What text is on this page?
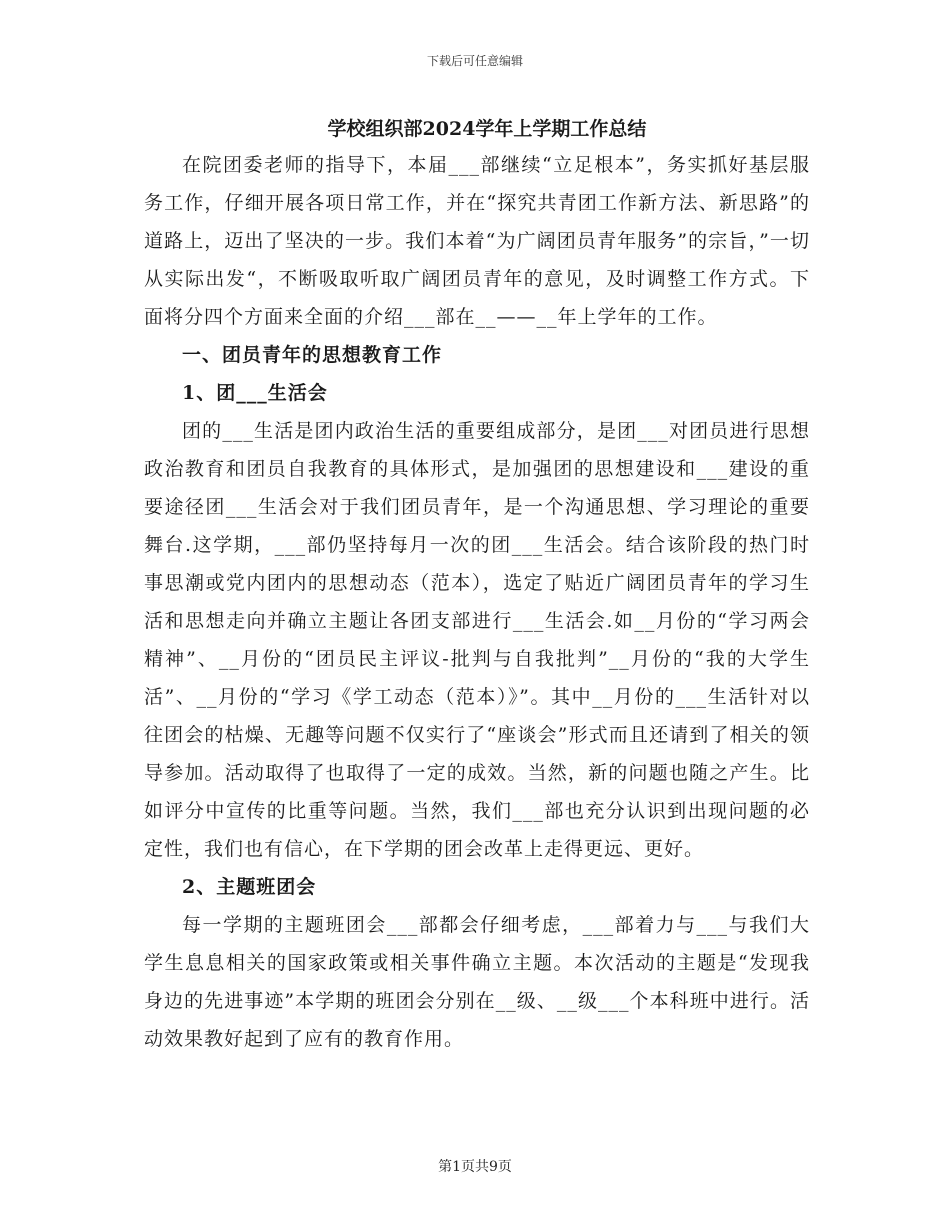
下载后可任意编辑
学校组织部2024学年上学期工作总结

在院团委老师的指导下，本届___部继续“立足根本”，务实抓好基层服务工作，仔细开展各项日常工作，并在“探究共青团工作新方法、新思路”的道路上，迈出了坚决的一步。我们本着“为广阔团员青年服务”的宗旨，”一切从实际出发“，不断吸取听取广阔团员青年的意见，及时调整工作方式。下面将分四个方面来全面的介绍___部在__——__年上学年的工作。

一、团员青年的思想教育工作

1、团___生活会

团的___生活是团内政治生活的重要组成部分，是团___对团员进行思想政治教育和团员自我教育的具体形式，是加强团的思想建设和___建设的重要途径团___生活会对于我们团员青年，是一个沟通思想、学习理论的重要舞台.这学期，___部仍坚持每月一次的团___生活会。结合该阶段的热门时事思潮或党内团内的思想动态（范本），选定了贴近广阔团员青年的学习生活和思想走向并确立主题让各团支部进行___生活会.如__月份的“学习两会精神”、__月份的“团员民主评议-批判与自我批判”__月份的“我的大学生活”、__月份的“学习《学工动态（范本）》”。其中__月份的___生活针对以往团会的枯燥、无趣等问题不仅实行了“座谈会”形式而且还请到了相关的领导参加。活动取得了也取得了一定的成效。当然，新的问题也随之产生。比如评分中宣传的比重等问题。当然，我们___部也充分认识到出现问题的必定性，我们也有信心，在下学期的团会改革上走得更远、更好。

2、主题班团会

每一学期的主题班团会___部都会仔细考虑，___部着力与___与我们大学生息息相关的国家政策或相关事件确立主题。本次活动的主题是“发现我身边的先进事迹”本学期的班团会分别在__级、__级___个本科班中进行。活动效果教好起到了应有的教育作用。

第1页共9页
